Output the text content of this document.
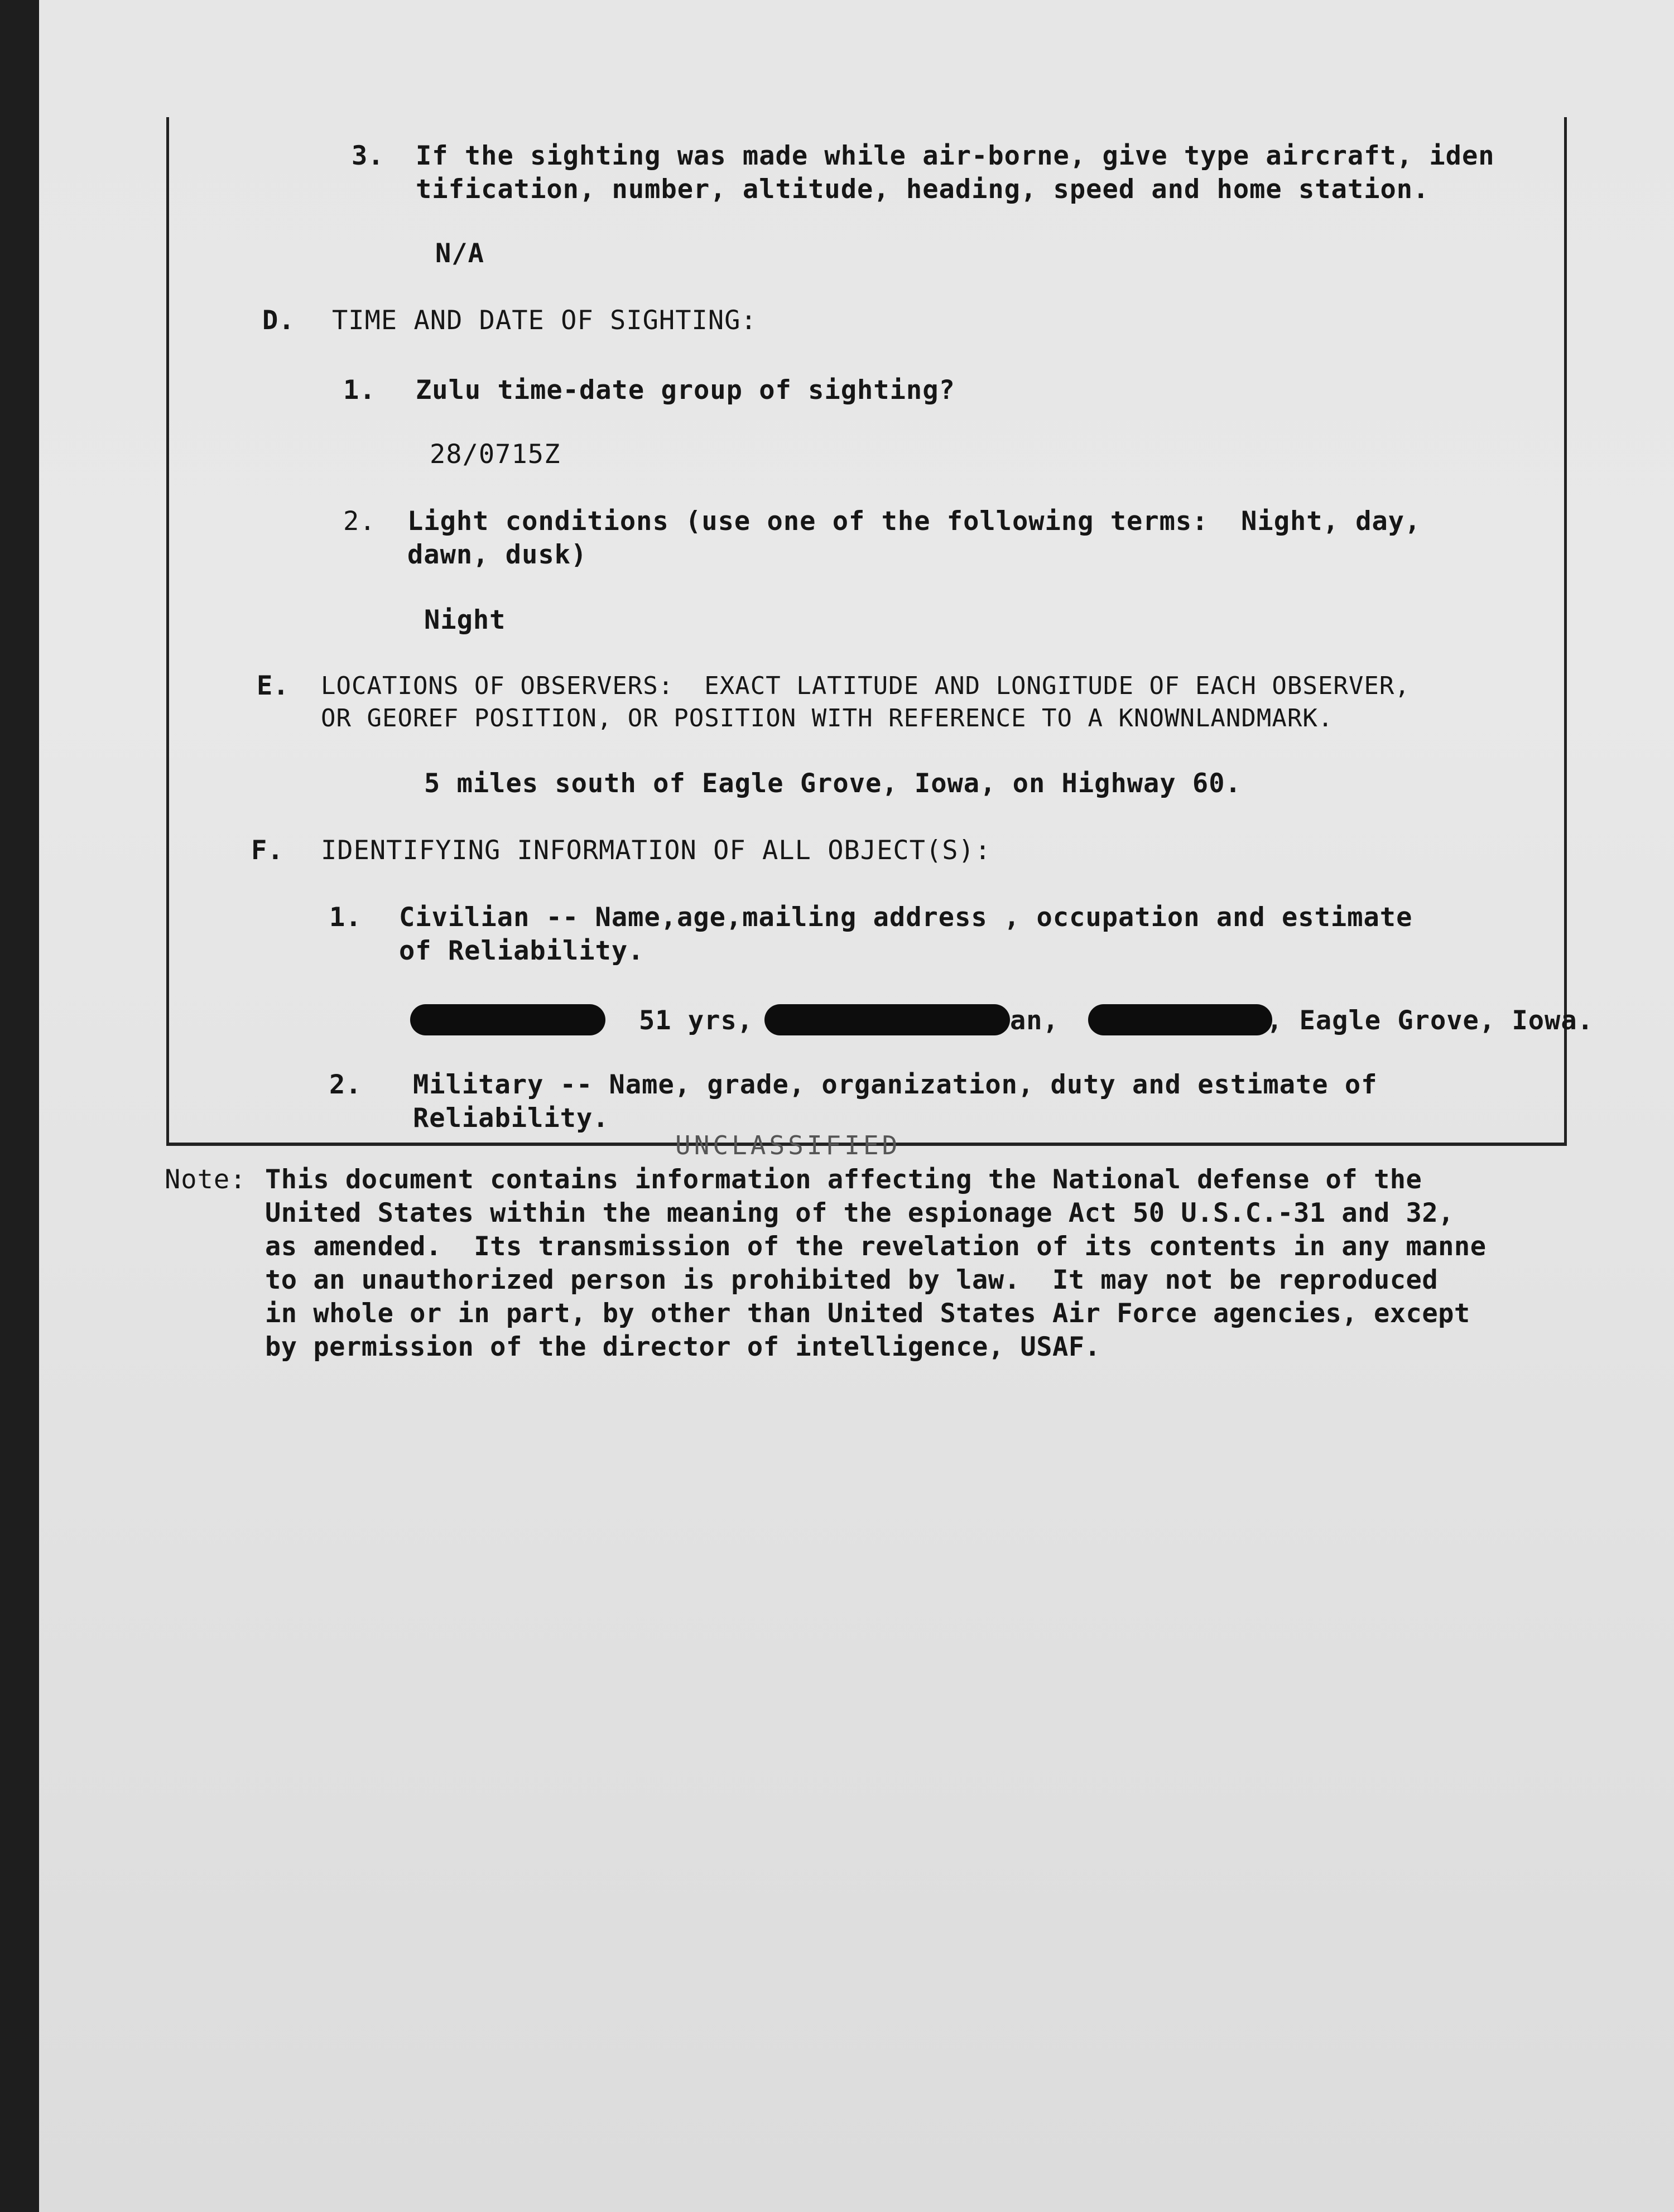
3. If the sighting was made while air-borne, give type aircraft, iden
tification, number, altitude, heading, speed and home station.
N/A
D. TIME AND DATE OF SIGHTING:
1. Zulu time-date group of sighting?
28/0715Z
2. Light conditions (use one of the following terms:  Night, day,
dawn, dusk)
Night
E. LOCATIONS OF OBSERVERS:  EXACT LATITUDE AND LONGITUDE OF EACH OBSERVER,
OR GEOREF POSITION, OR POSITION WITH REFERENCE TO A KNOWNLANDMARK.
5 miles south of Eagle Grove, Iowa, on Highway 60.
F. IDENTIFYING INFORMATION OF ALL OBJECT(S):
1. Civilian -- Name,age,mailing address , occupation and estimate
of Reliability.
51 yrs,	an,	, Eagle Grove, Iowa.
2. Military -- Name, grade, organization, duty and estimate of
Reliability.
UNCLASSIFIED
Note: This document contains information affecting the National defense of the
United States within the meaning of the espionage Act 50 U.S.C.-31 and 32,
as amended.  Its transmission of the revelation of its contents in any manne
to an unauthorized person is prohibited by law.  It may not be reproduced
in whole or in part, by other than United States Air Force agencies, except
by permission of the director of intelligence, USAF.
